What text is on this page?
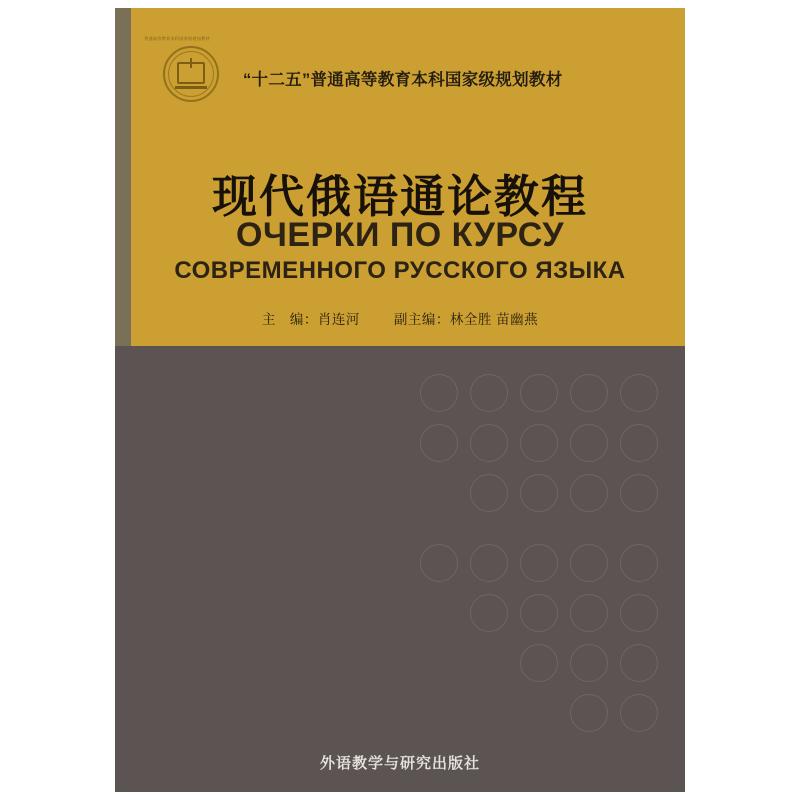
普通高等教育本科国家级规划教材
“十二五”普通高等教育本科国家级规划教材
现代俄语通论教程
ОЧЕРКИ ПО КУРСУ
СОВРЕМЕННОГО РУССКОГО ЯЗЫКА
主　编：肖连河	副主编：林全胜 苗幽燕
外语教学与研究出版社
